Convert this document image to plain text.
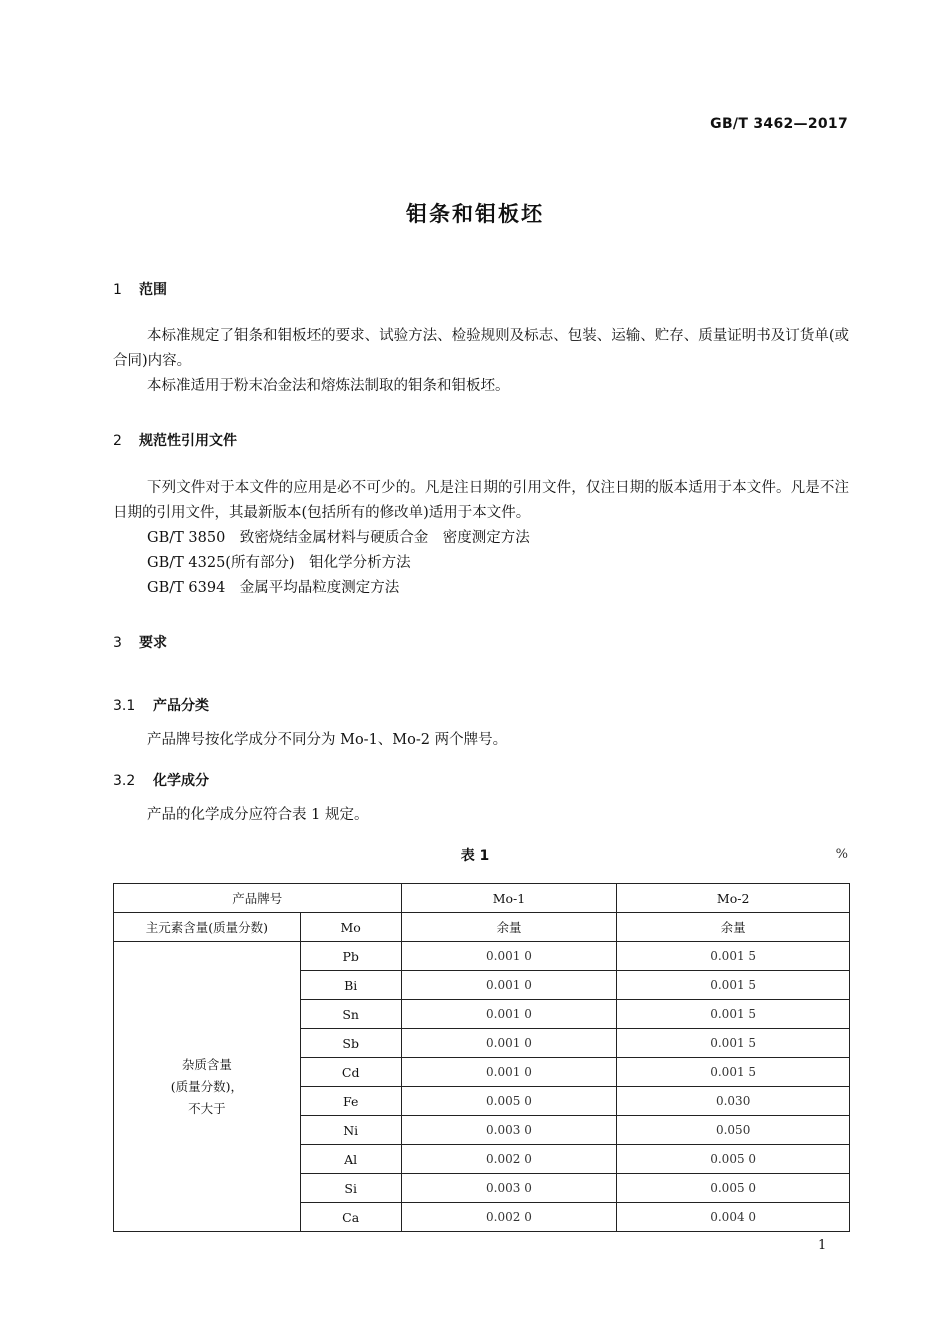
GB/T 3462—2017
钼条和钼板坯
1 范围

本标准规定了钼条和钼板坯的要求、试验方法、检验规则及标志、包装、运输、贮存、质量证明书及订货单(或合同)内容。

本标准适用于粉末冶金法和熔炼法制取的钼条和钼板坯。

2 规范性引用文件

下列文件对于本文件的应用是必不可少的。凡是注日期的引用文件，仅注日期的版本适用于本文件。凡是不注日期的引用文件，其最新版本(包括所有的修改单)适用于本文件。

GB/T 3850　致密烧结金属材料与硬质合金　密度测定方法
GB/T 4325(所有部分)　钼化学分析方法
GB/T 6394　金属平均晶粒度测定方法
3 要求
3.1 产品分类

产品牌号按化学成分不同分为 Mo-1、Mo-2 两个牌号。

3.2 化学成分

产品的化学成分应符合表 1 规定。

表 1	%
产品牌号		Mo-1	Mo-2
主元素含量(质量分数)	Mo	余量	余量

杂质含量
(质量分数)，
不大于	Pb	0.001 0	0.001 5
	Bi	0.001 0	0.001 5
	Sn	0.001 0	0.001 5
	Sb	0.001 0	0.001 5
	Cd	0.001 0	0.001 5
	Fe	0.005 0	0.030
	Ni	0.003 0	0.050
	Al	0.002 0	0.005 0
	Si	0.003 0	0.005 0
	Ca	0.002 0	0.004 0
1
